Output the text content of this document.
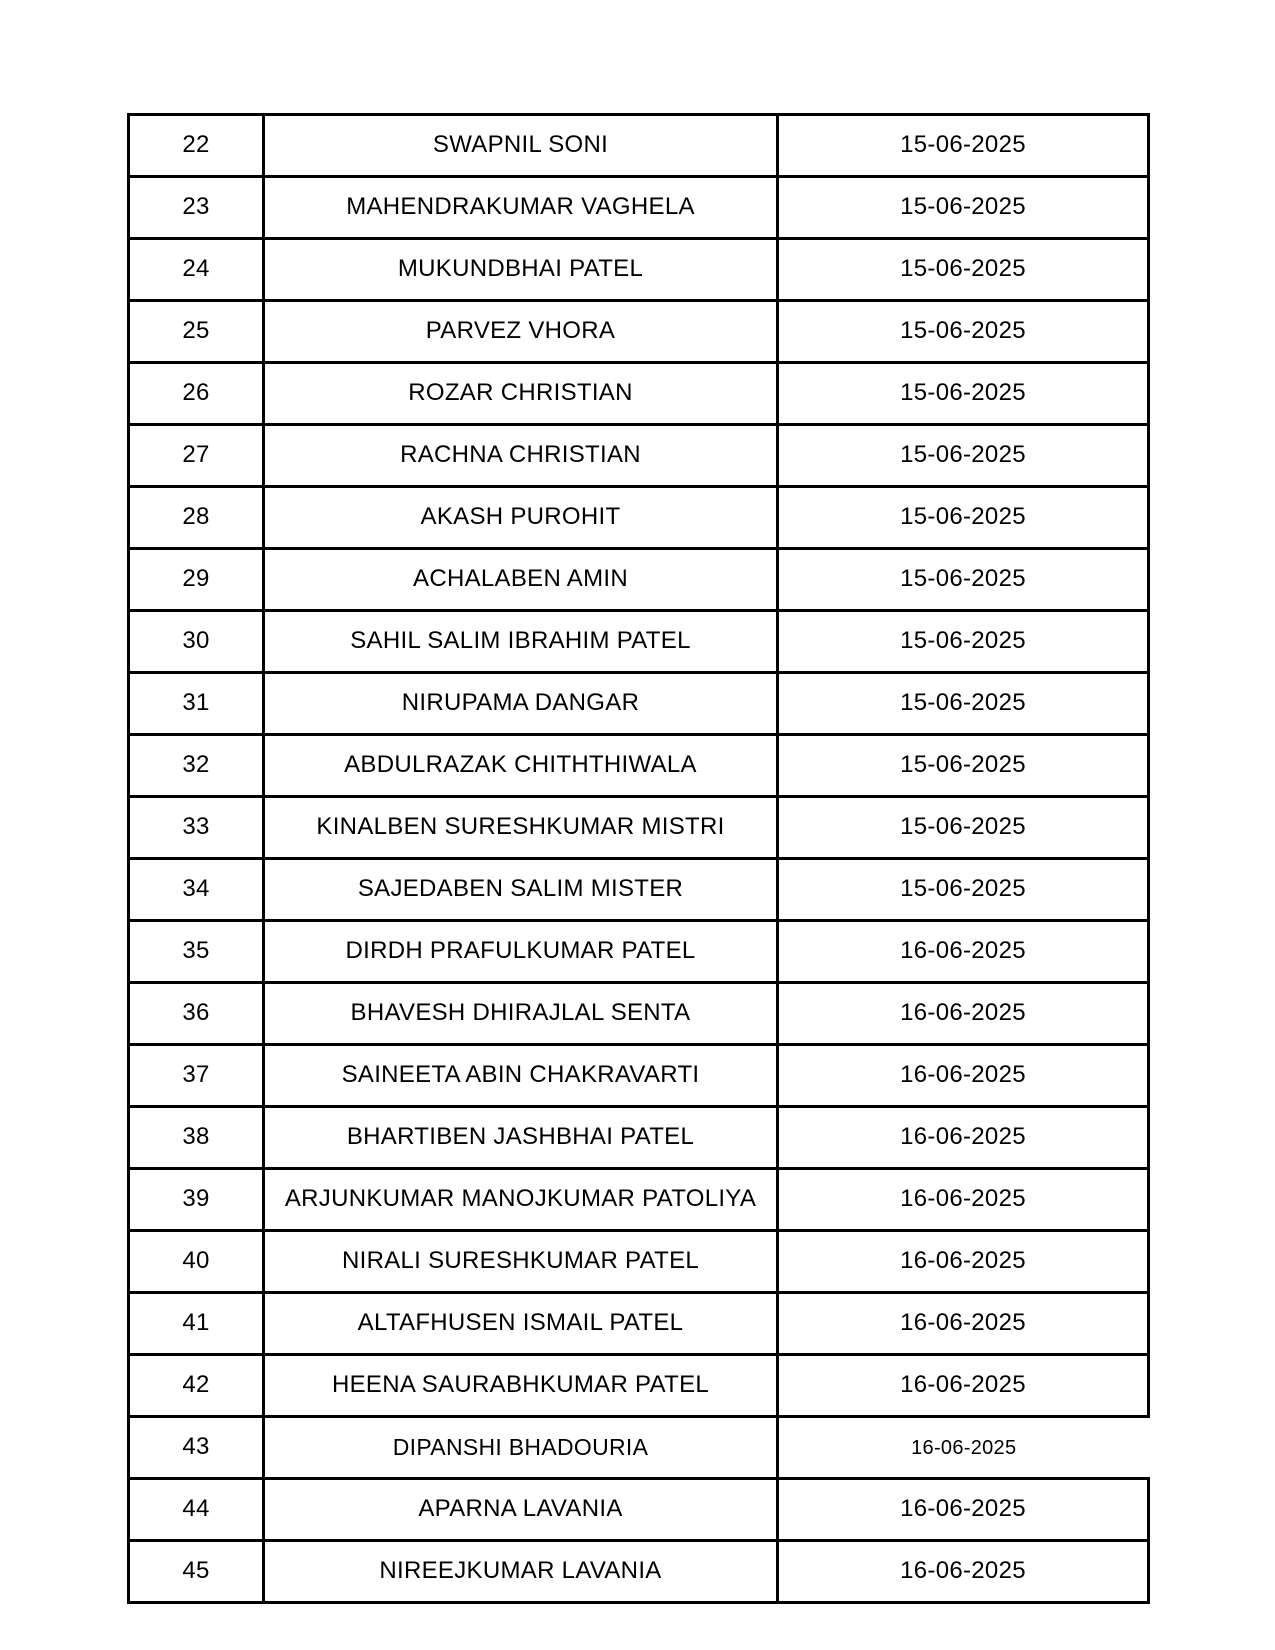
22	SWAPNIL SONI	15-06-2025
23	MAHENDRAKUMAR VAGHELA	15-06-2025
24	MUKUNDBHAI PATEL	15-06-2025
25	PARVEZ VHORA	15-06-2025
26	ROZAR CHRISTIAN	15-06-2025
27	RACHNA CHRISTIAN	15-06-2025
28	AKASH PUROHIT	15-06-2025
29	ACHALABEN AMIN	15-06-2025
30	SAHIL SALIM IBRAHIM PATEL	15-06-2025
31	NIRUPAMA DANGAR	15-06-2025
32	ABDULRAZAK CHITHTHIWALA	15-06-2025
33	KINALBEN SURESHKUMAR MISTRI	15-06-2025
34	SAJEDABEN SALIM MISTER	15-06-2025
35	DIRDH PRAFULKUMAR PATEL	16-06-2025
36	BHAVESH DHIRAJLAL SENTA	16-06-2025
37	SAINEETA ABIN CHAKRAVARTI	16-06-2025
38	BHARTIBEN JASHBHAI PATEL	16-06-2025
39	ARJUNKUMAR MANOJKUMAR PATOLIYA	16-06-2025
40	NIRALI SURESHKUMAR PATEL	16-06-2025
41	ALTAFHUSEN ISMAIL PATEL	16-06-2025
42	HEENA SAURABHKUMAR PATEL	16-06-2025
43	DIPANSHI BHADOURIA	16-06-2025
44	APARNA LAVANIA	16-06-2025
45	NIREEJKUMAR LAVANIA	16-06-2025
